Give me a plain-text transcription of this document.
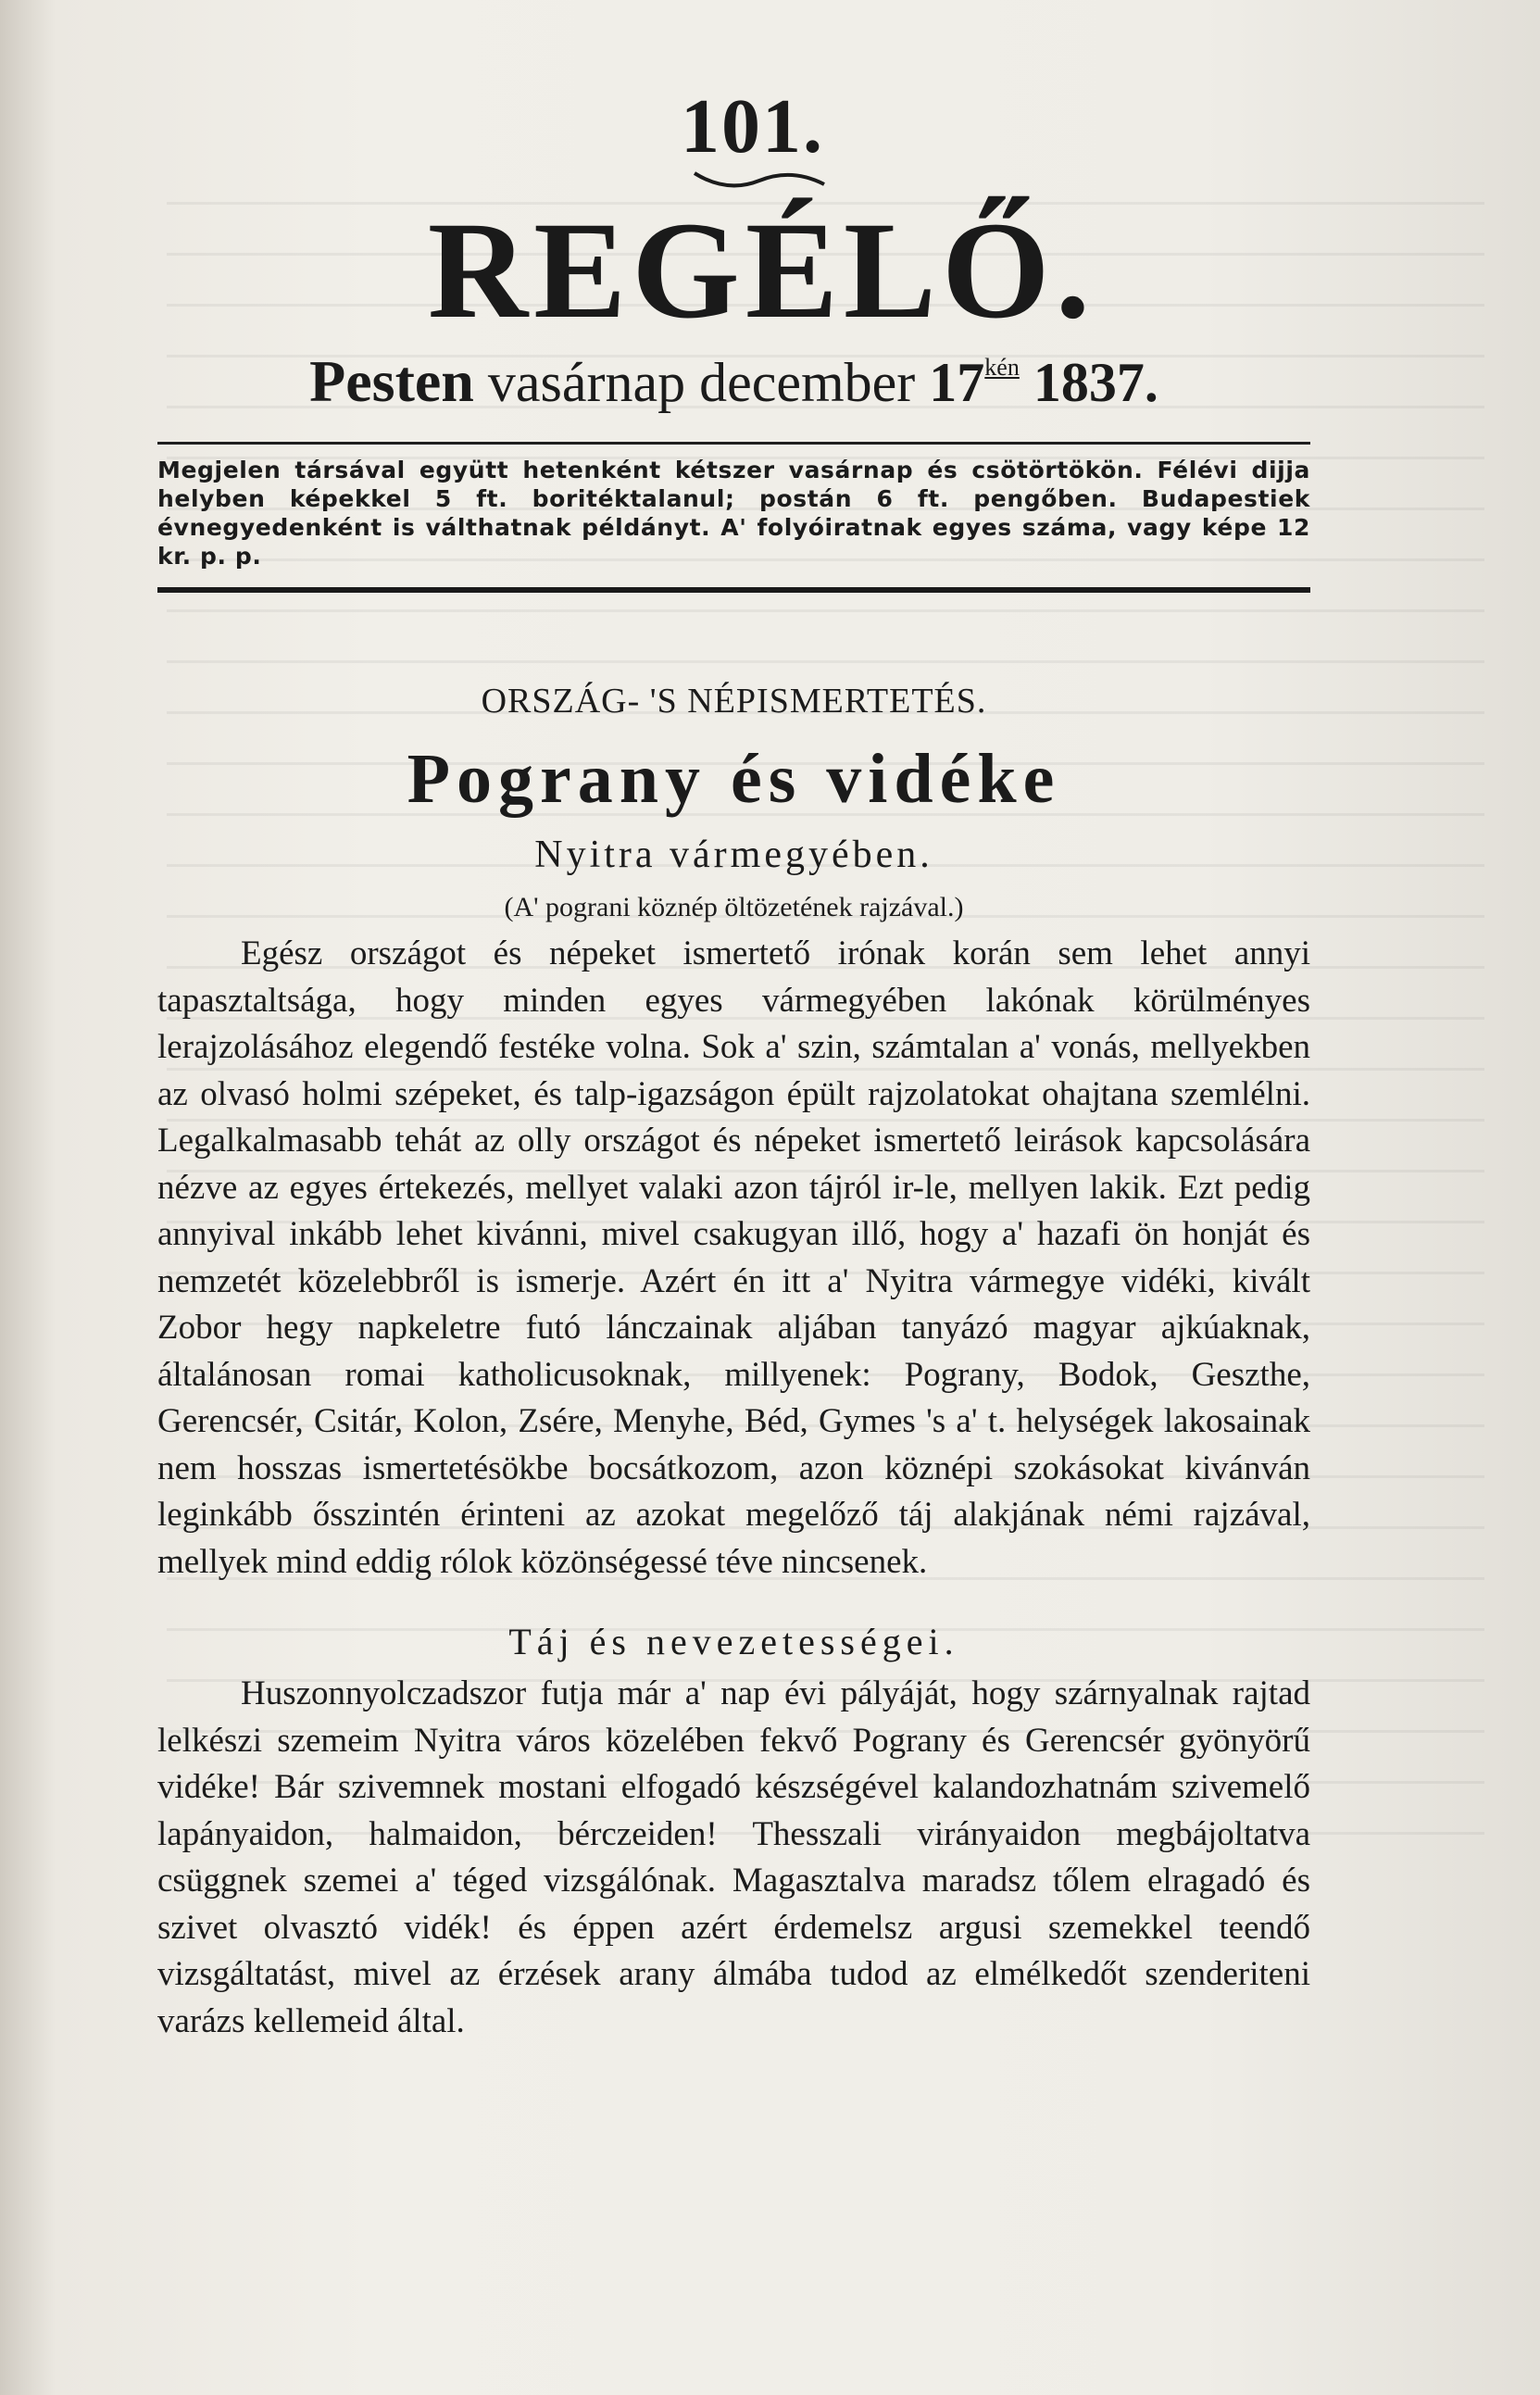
101.
REGÉLŐ.
Pesten vasárnap december $17^{kén}$ 1837.
Megjelen társával együtt hetenként kétszer vasárnap és csötörtökön. Félévi dijja helyben képekkel 5 ft. boritéktalanul; postán 6 ft. pengőben. Budapestiek évnegyedenként is válthatnak példányt. A' folyóiratnak egyes száma, vagy képe 12 kr. p. p.
ORSZÁG- 'S NÉPISMERTETÉS.
Pograny és vidéke
Nyitra vármegyében.
(A' pograni köznép öltözetének rajzával.)

Egész országot és népeket ismertető irónak korán sem lehet annyi tapasztaltsága, hogy minden egyes vármegyében lakónak körülményes lerajzolásához elegendő festéke volna. Sok a' szin, számtalan a' vonás, mellyekben az olvasó holmi szépeket, és talp-igazságon épült rajzolatokat ohajtana szemlélni. Legalkalmasabb tehát az olly országot és népeket ismertető leirások kapcsolására nézve az egyes értekezés, mellyet valaki azon tájról ir-le, mellyen lakik. Ezt pedig annyival inkább lehet kivánni, mivel csakugyan illő, hogy a' hazafi ön honját és nemzetét közelebbről is ismerje. Azért én itt a' Nyitra vármegye vidéki, kivált Zobor hegy napkeletre futó lánczainak aljában tanyázó magyar ajkúaknak, általánosan romai katholicusoknak, millyenek: Pograny, Bodok, Geszthe, Gerencsér, Csitár, Kolon, Zsére, Menyhe, Béd, Gymes 's a' t. helységek lakosainak nem hosszas ismertetésökbe bocsátkozom, azon köznépi szokásokat kivánván leginkább ősszintén érinteni az azokat megelőző táj alakjának némi rajzával, mellyek mind eddig rólok közönségessé téve nincsenek.

Táj és nevezetességei.

Huszonnyolczadszor futja már a' nap évi pályáját, hogy szárnyalnak rajtad lelkészi szemeim Nyitra város közelében fekvő Pograny és Gerencsér gyönyörű vidéke! Bár szivemnek mostani elfogadó készségével kalandozhatnám szivemelő lapányaidon, halmaidon, bérczeiden! Thesszali virányaidon megbájoltatva csüggnek szemei a' téged vizsgálónak. Magasztalva maradsz tőlem elragadó és szivet olvasztó vidék! és éppen azért érdemelsz argusi szemekkel teendő vizsgáltatást, mivel az érzések arany álmába tudod az elmélkedőt szenderiteni varázs kellemeid által.
